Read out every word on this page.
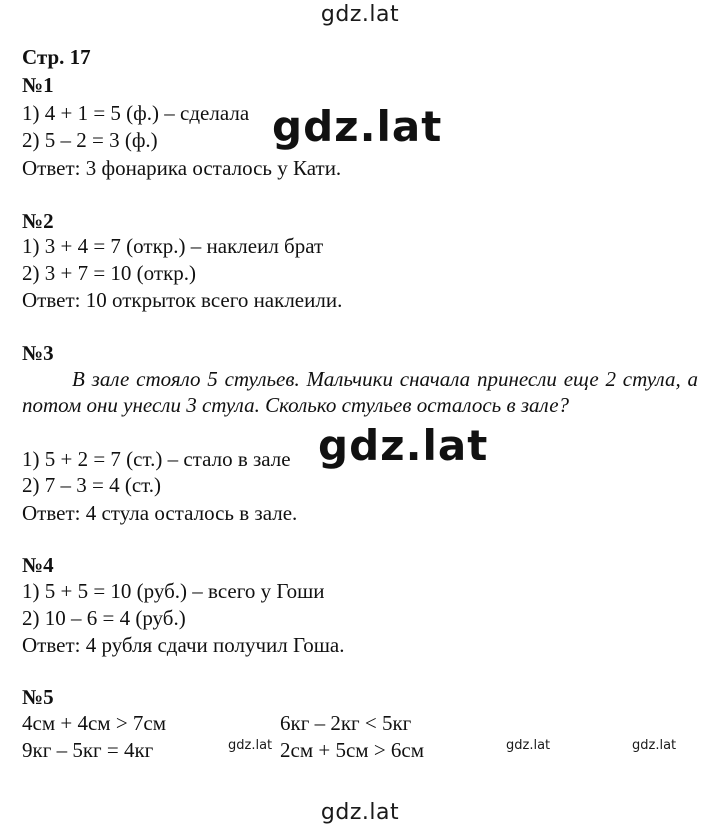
gdz.lat

gdz.lat

gdz.lat

gdz.lat	gdz.lat	gdz.lat

gdz.lat

Стр. 17

№1

1) 4 + 1 = 5 (ф.) – сделала

2) 5 – 2 = 3 (ф.)

Ответ: 3 фонарика осталось у Кати.

№2

1) 3 + 4 = 7 (откр.) – наклеил брат

2) 3 + 7 = 10 (откр.)

Ответ: 10 открыток всего наклеили.

№3

В зале стояло 5 стульев. Мальчики сначала принесли еще 2 стула, а потом они унесли 3 стула. Сколько стульев осталось в зале?

1) 5 + 2 = 7 (ст.) – стало в зале

2) 7 – 3 = 4 (ст.)

Ответ: 4 стула осталось в зале.

№4

1) 5 + 5 = 10 (руб.) – всего у Гоши

2) 10 – 6 = 4 (руб.)

Ответ: 4 рубля сдачи получил Гоша.

№5

4см + 4см > 7см	6кг – 2кг < 5кг

9кг – 5кг = 4кг	2см + 5см > 6см
